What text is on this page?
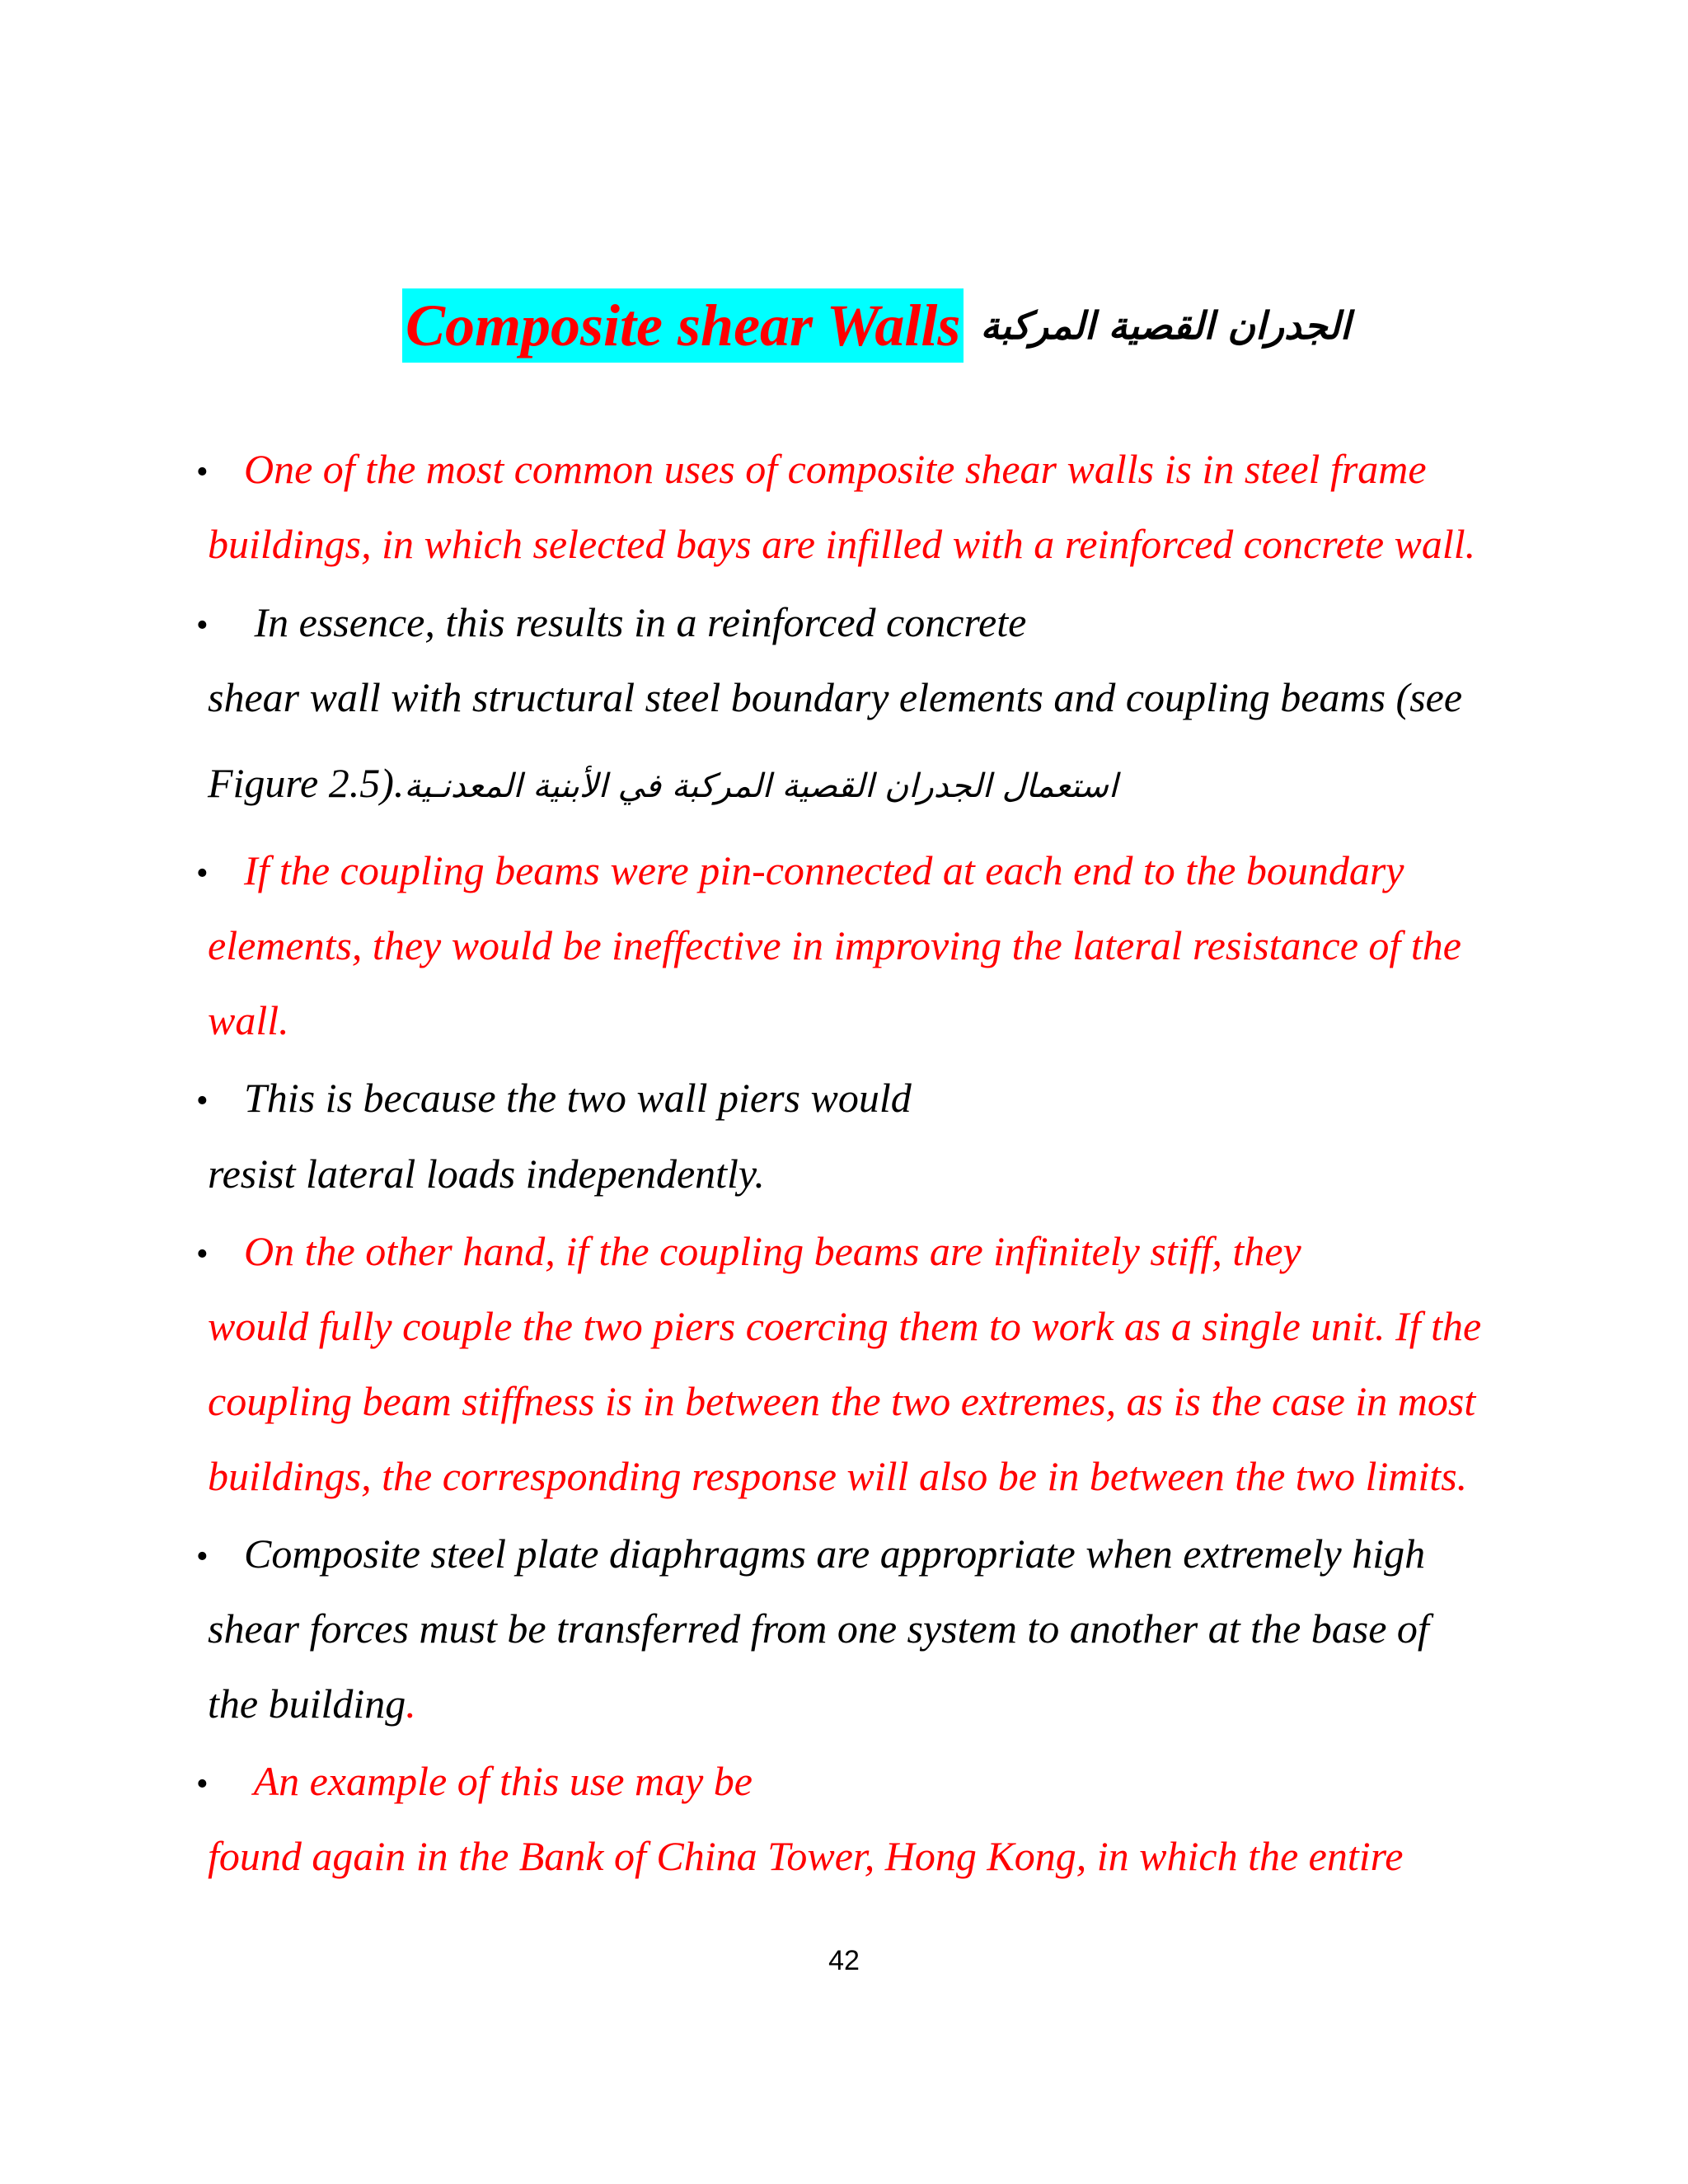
Composite shear Walls الجدران القصية المركبة
• One of the most common uses of composite shear walls is in steel frame
buildings, in which selected bays are infilled with a reinforced concrete wall.
• In essence, this results in a reinforced concrete
shear wall with structural steel boundary elements and coupling beams (see
Figure 2.5).استعمال الجدران القصية المركبة في الأبنية المعدنـية
• If the coupling beams were pin-connected at each end to the boundary
elements, they would be ineffective in improving the lateral resistance of the
wall.
• This is because the two wall piers would
resist lateral loads independently.
• On the other hand, if the coupling beams are infinitely stiff, they
would fully couple the two piers coercing them to work as a single unit. If the
coupling beam stiffness is in between the two extremes, as is the case in most
buildings, the corresponding response will also be in between the two limits.
• Composite steel plate diaphragms are appropriate when extremely high
shear forces must be transferred from one system to another at the base of
the building.
• An example of this use may be
found again in the Bank of China Tower, Hong Kong, in which the entire
42
